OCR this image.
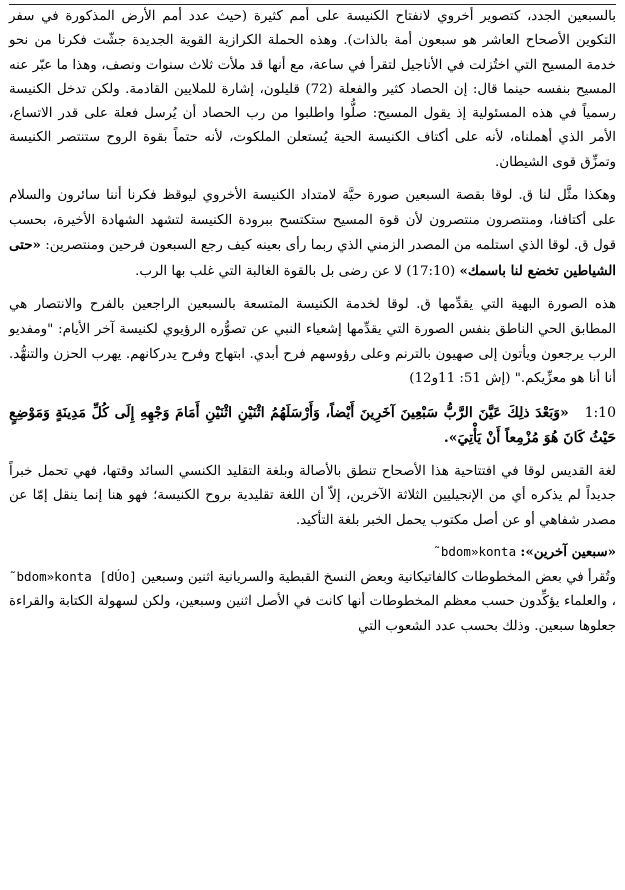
بالسبعين الجدد، كتصوير أخروي لانفتاح الكنيسة على أمم كثيرة (حيث عدد أمم الأرض المذكورة في سفر التكوين الأصحاح العاشر هو سبعون أمة بالذات). وهذه الحملة الكرازية القوية الجديدة جشّت فكرنا من نحو خدمة المسيح التي اختُزلت في الأناجيل لتقرأ في ساعة، مع أنها قد ملأت ثلاث سنوات ونصف، وهذا ما عبّر عنه المسيح بنفسه حينما قال: إن الحصاد كثير والفعلة (72) قليلون، إشارة للملايين القادمة. ولكن تدخل الكنيسة رسمياً في هذه المسئولية إذ يقول المسيح: صلُّوا واطلبوا من رب الحصاد أن يُرسل فعلة على قدر الاتساع، الأمر الذي أهملناه، لأنه على أكتاف الكنيسة الحية يُستعلن الملكوت، لأنه حتماً بقوة الروح ستنتصر الكنيسة وتمزِّق قوى الشيطان.

وهكذا مثَّل لنا ق. لوقا بقصة السبعين صورة حيَّة لامتداد الكنيسة الأخروي ليوقظ فكرنا أننا سائرون والسلام على أكتافنا، ومنتصرون منتصرون لأن قوة المسيح ستكتسح ببرودة الكنيسة لتشهد الشهادة الأخيرة، بحسب قول ق. لوقا الذي استلمه من المصدر الزمني الذي ربما رأى بعينه كيف رجع السبعون فرحين ومنتصرين: «حتى الشياطين تخضع لنا باسمك» (17:10) لا عن رضى بل بالقوة الغالبة التي غلب بها الرب.

هذه الصورة البهية التي يقدِّمها ق. لوقا لخدمة الكنيسة المتسعة بالسبعين الراجعين بالفرح والانتصار هي المطابق الحي الناطق بنفس الصورة التي يقدِّمها إشعياء النبي عن تصوُّره الرؤيوي لكنيسة آخر الأيام: "ومفديو الرب يرجعون ويأتون إلى صهيون بالترنم وعلى رؤوسهم فرح أبدي. ابتهاج وفرح يدركانهم. يهرب الحزن والتنهُّد. أنا أنا هو معزِّيكم." (إش 51: 11و12)

1:10   «وَبَعْدَ ذلِكَ عَيَّنَ الرَّبُّ سَبْعِينَ آخَرِينَ أَيْضاً، وَأَرْسَلَهُمُ اثْنَيْنِ اثْنَيْنِ أَمَامَ وَجْهِهِ إِلَى كُلِّ مَدِينَةٍ وَمَوْضِعٍ حَيْثُ كَانَ هُوَ مُزْمِعاً أَنْ يَأْتِيَ».

لغة القديس لوقا في افتتاحية هذا الأصحاح تنطق بالأصالة وبلغة التقليد الكنسي السائد وقتها، فهي تحمل خبراً جديداً لم يذكره أي من الإنجيليين الثلاثة الآخرين، إلاّ أن اللغة تقليدية بروح الكنيسة؛ فهو هنا إنما ينقل إمّا عن مصدر شفاهي أو عن أصل مكتوب يحمل الخبر بلغة التأكيد.

«سبعين آخرين»: ˜bdom»konta

وتُقرأ في بعض المخطوطات كالفاتيكانية وبعض النسخ القبطية والسريانية اثنين وسبعين ˜bdom»konta [dÚo] ، والعلماء يؤكِّدون حسب معظم المخطوطات أنها كانت في الأصل اثنين وسبعين، ولكن لسهولة الكتابة والقراءة جعلوها سبعين. وذلك بحسب عدد الشعوب التي
